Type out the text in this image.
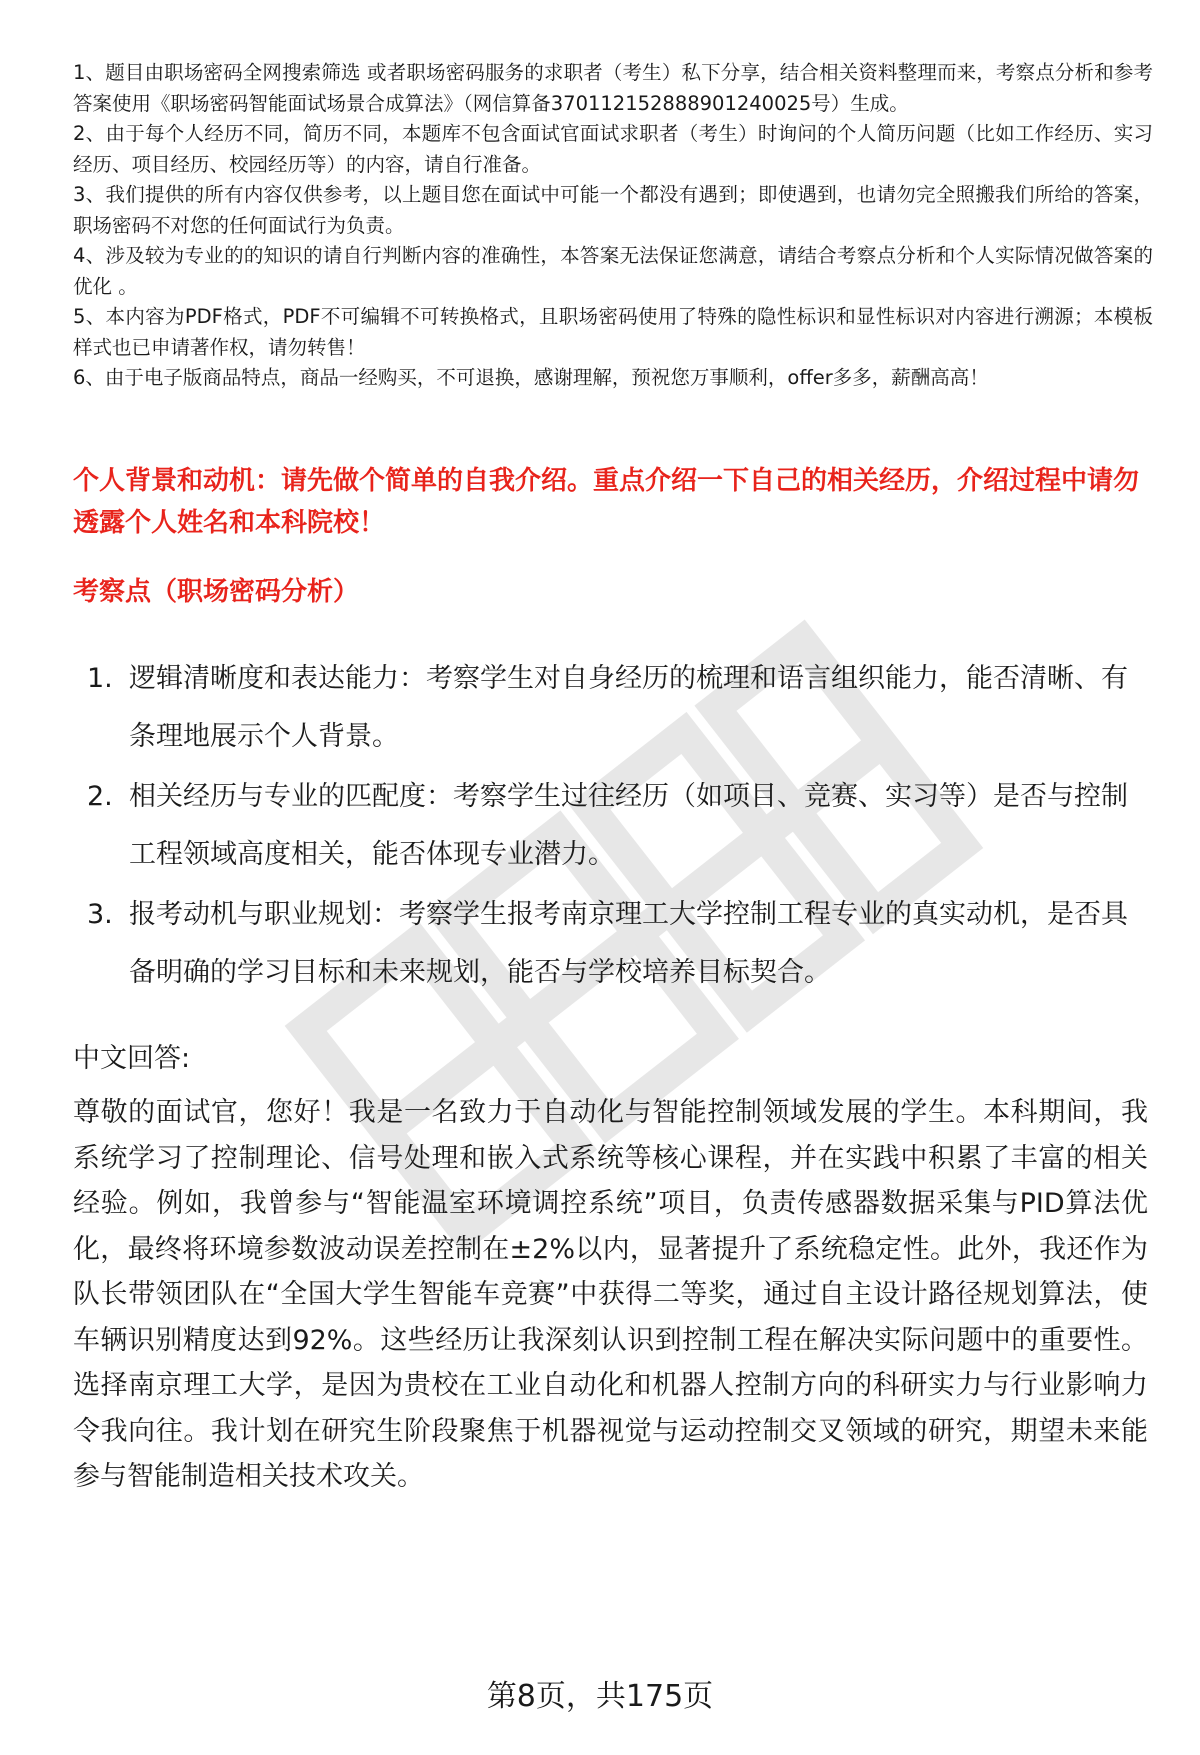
1、题目由职场密码全网搜索筛选 或者职场密码服务的求职者（考生）私下分享，结合相关资料整理而来，考察点分析和参考答案使用《职场密码智能面试场景合成算法》（网信算备370112152888901240025号）生成。

2、由于每个人经历不同，简历不同，本题库不包含面试官面试求职者（考生）时询问的个人简历问题（比如工作经历、实习经历、项目经历、校园经历等）的内容，请自行准备。

3、我们提供的所有内容仅供参考，以上题目您在面试中可能一个都没有遇到；即使遇到，也请勿完全照搬我们所给的答案，职场密码不对您的任何面试行为负责。

4、涉及较为专业的的知识的请自行判断内容的准确性，本答案无法保证您满意，请结合考察点分析和个人实际情况做答案的优化 。

5、本内容为PDF格式，PDF不可编辑不可转换格式，且职场密码使用了特殊的隐性标识和显性标识对内容进行溯源；本模板样式也已申请著作权，请勿转售！

6、由于电子版商品特点，商品一经购买，不可退换，感谢理解，预祝您万事顺利，offer多多，薪酬高高！

个人背景和动机：请先做个简单的自我介绍。重点介绍一下自己的相关经历，介绍过程中请勿透露个人姓名和本科院校！
考察点（职场密码分析）
1. 逻辑清晰度和表达能力：考察学生对自身经历的梳理和语言组织能力，能否清晰、有条理地展示个人背景。
2. 相关经历与专业的匹配度：考察学生过往经历（如项目、竞赛、实习等）是否与控制工程领域高度相关，能否体现专业潜力。
3. 报考动机与职业规划：考察学生报考南京理工大学控制工程专业的真实动机，是否具备明确的学习目标和未来规划，能否与学校培养目标契合。

中文回答:

尊敬的面试官，您好！我是一名致力于自动化与智能控制领域发展的学生。本科期间，我系统学习了控制理论、信号处理和嵌入式系统等核心课程，并在实践中积累了丰富的相关经验。例如，我曾参与“智能温室环境调控系统”项目，负责传感器数据采集与PID算法优化，最终将环境参数波动误差控制在±2%以内，显著提升了系统稳定性。此外，我还作为队长带领团队在“全国大学生智能车竞赛”中获得二等奖，通过自主设计路径规划算法，使车辆识别精度达到92%。这些经历让我深刻认识到控制工程在解决实际问题中的重要性。选择南京理工大学，是因为贵校在工业自动化和机器人控制方向的科研实力与行业影响力令我向往。我计划在研究生阶段聚焦于机器视觉与运动控制交叉领域的研究，期望未来能参与智能制造相关技术攻关。

第8页，共175页
